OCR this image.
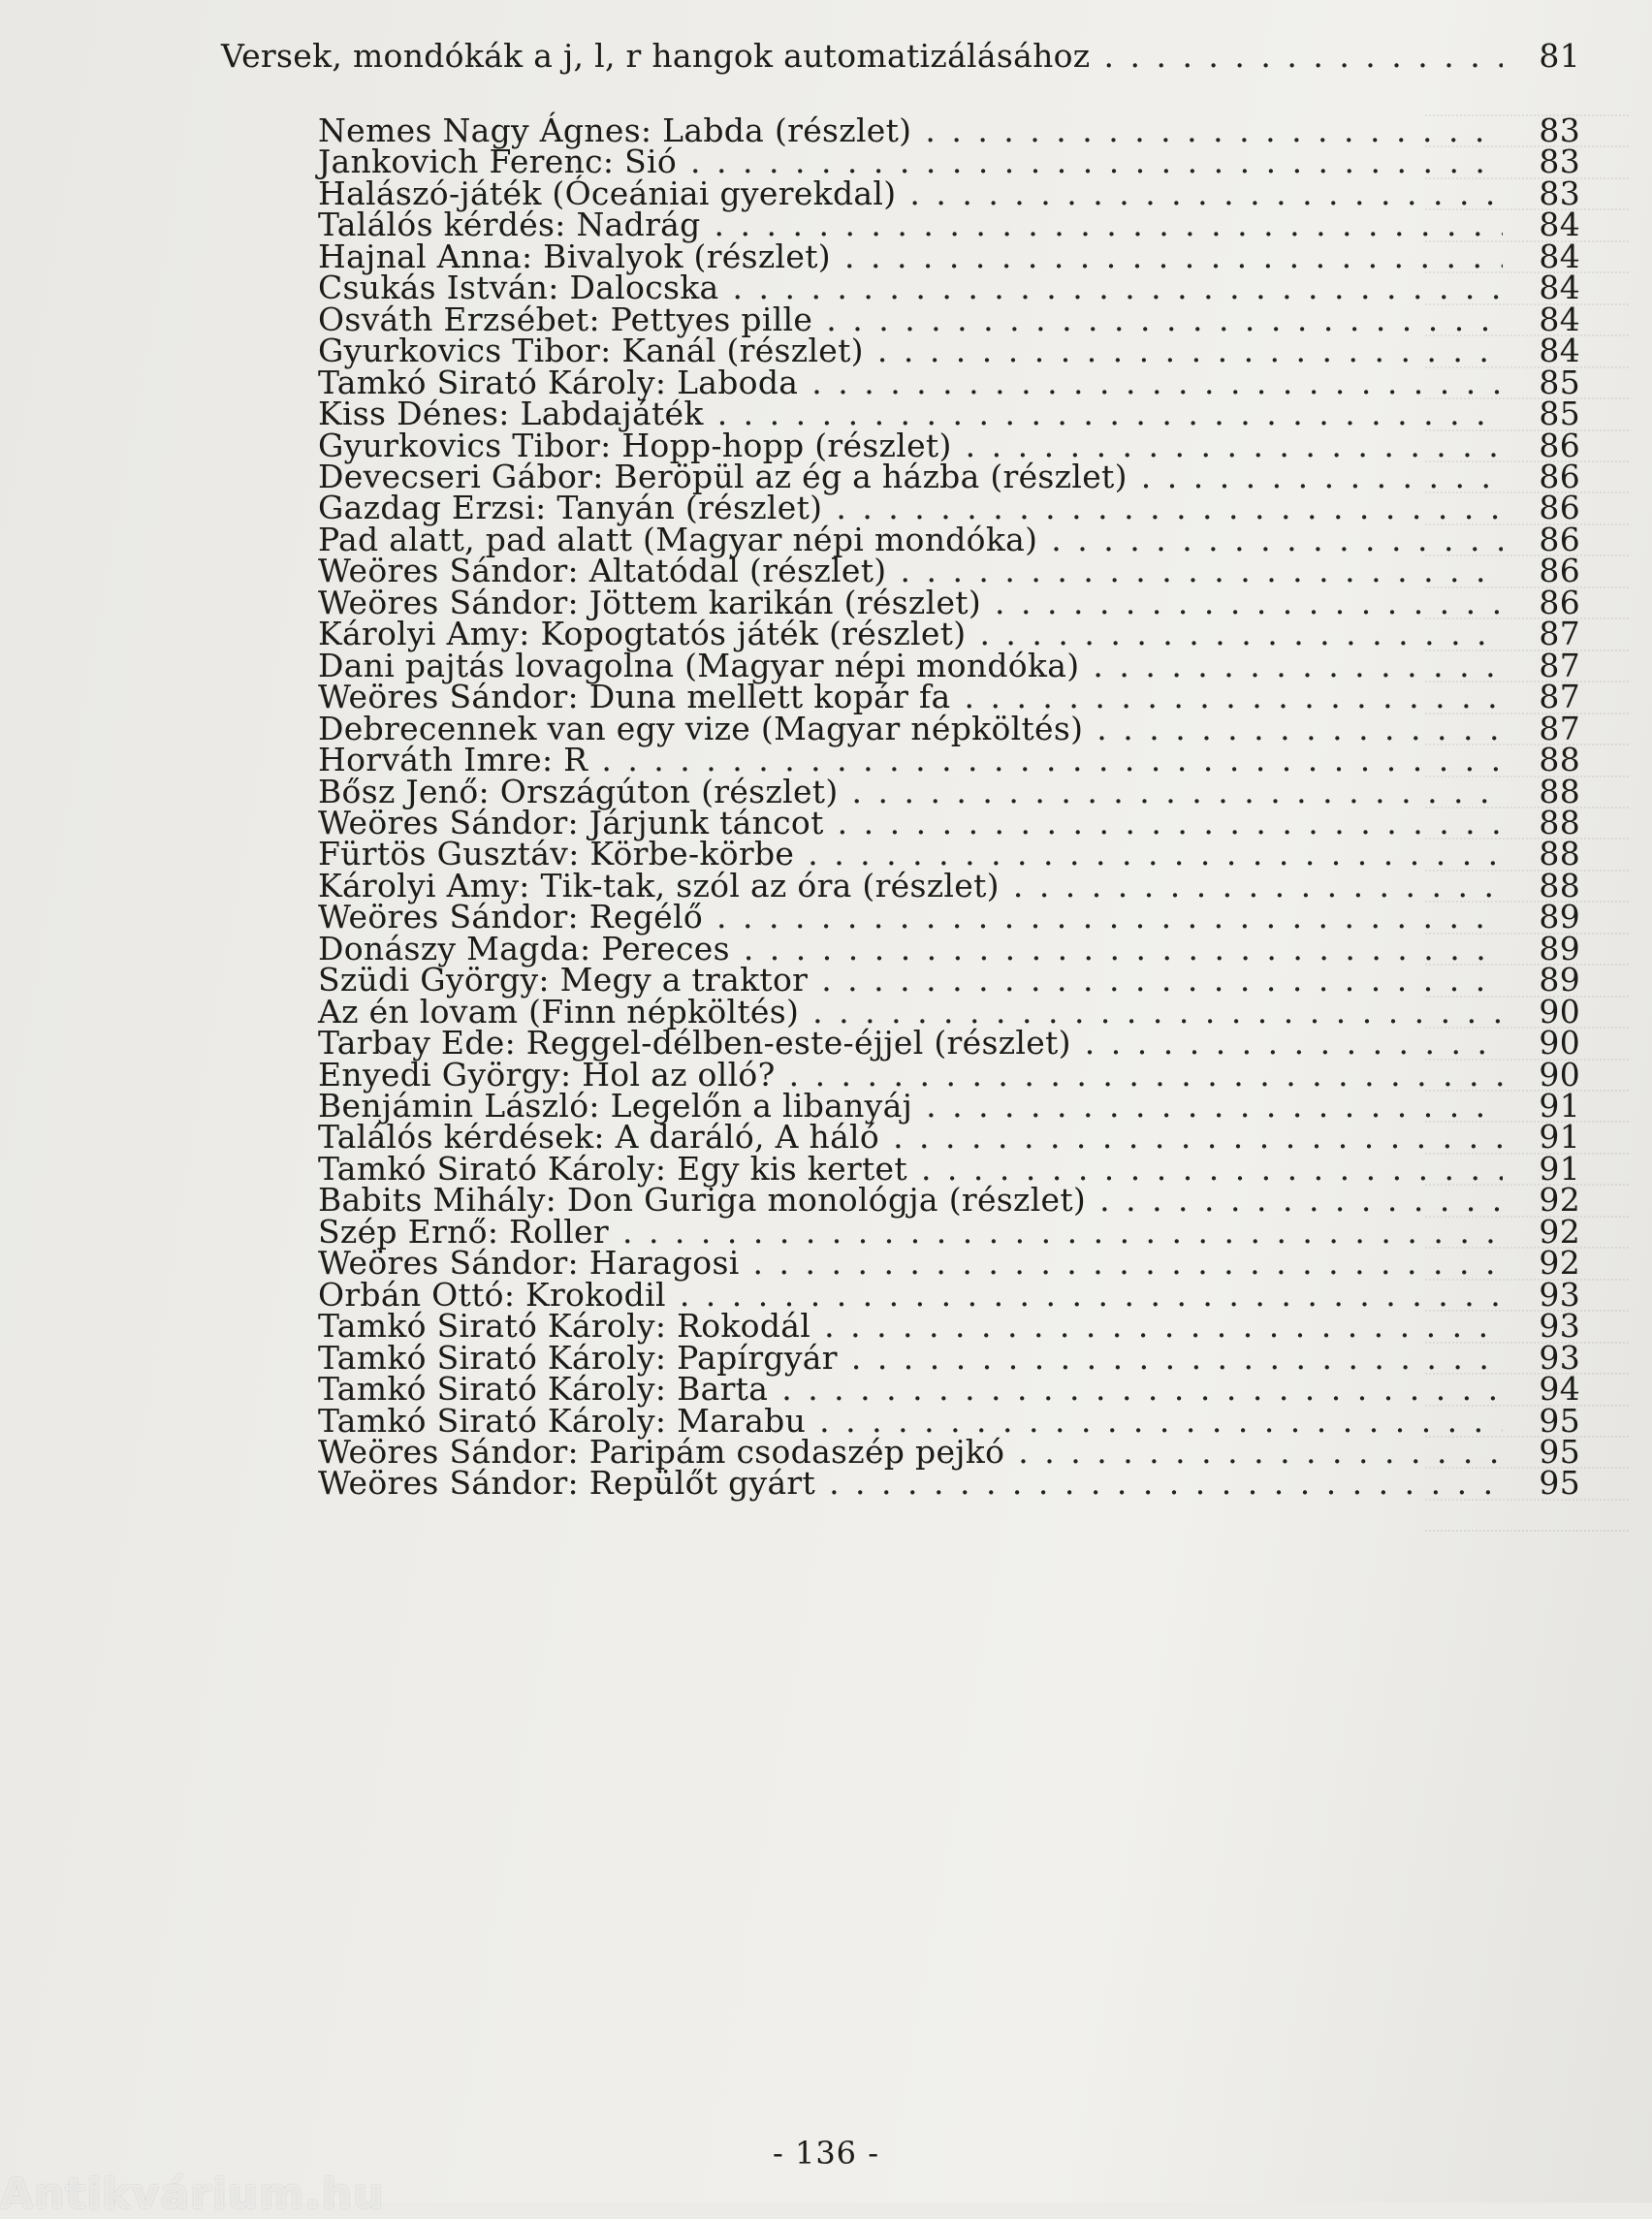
Versek, mondókák a j, l, r hangok automatizálásához . . .	81
Nemes Nagy Ágnes: Labda (részlet) . . .	83
Jankovich Ferenc: Sió . . .	83
Halászó-játék (Óceániai gyerekdal) . . .	83
Találós kérdés: Nadrág . . .	84
Hajnal Anna: Bivalyok (részlet) . . .	84
Csukás István: Dalocska . . .	84
Osváth Erzsébet: Pettyes pille . . .	84
Gyurkovics Tibor: Kanál (részlet) . . .	84
Tamkó Sirató Károly: Laboda . . .	85
Kiss Dénes: Labdajáték . . .	85
Gyurkovics Tibor: Hopp-hopp (részlet) . . .	86
Devecseri Gábor: Beröpül az ég a házba (részlet) . . .	86
Gazdag Erzsi: Tanyán (részlet) . . .	86
Pad alatt, pad alatt (Magyar népi mondóka) . . .	86
Weöres Sándor: Altatódal (részlet) . . .	86
Weöres Sándor: Jöttem karikán (részlet) . . .	86
Károlyi Amy: Kopogtatós játék (részlet) . . .	87
Dani pajtás lovagolna (Magyar népi mondóka) . . .	87
Weöres Sándor: Duna mellett kopár fa . . .	87
Debrecennek van egy vize (Magyar népköltés) . . .	87
Horváth Imre: R . . .	88
Bősz Jenő: Országúton (részlet) . . .	88
Weöres Sándor: Járjunk táncot . . .	88
Fürtös Gusztáv: Körbe-körbe . . .	88
Károlyi Amy: Tik-tak, szól az óra (részlet) . . .	88
Weöres Sándor: Regélő . . .	89
Donászy Magda: Pereces . . .	89
Szüdi György: Megy a traktor . . .	89
Az én lovam (Finn népköltés) . . .	90
Tarbay Ede: Reggel-délben-este-éjjel (részlet) . . .	90
Enyedi György: Hol az olló? . . .	90
Benjámin László: Legelőn a libanyáj . . .	91
Találós kérdések: A daráló, A háló . . .	91
Tamkó Sirató Károly: Egy kis kertet . . .	91
Babits Mihály: Don Guriga monológja (részlet) . . .	92
Szép Ernő: Roller . . .	92
Weöres Sándor: Haragosi . . .	92
Orbán Ottó: Krokodil . . .	93
Tamkó Sirató Károly: Rokodál . . .	93
Tamkó Sirató Károly: Papírgyár . . .	93
Tamkó Sirató Károly: Barta . . .	94
Tamkó Sirató Károly: Marabu . . .	95
Weöres Sándor: Paripám csodaszép pejkó . . .	95
Weöres Sándor: Repülőt gyárt . . .	95
- 136 -
Antikvárium.hu
